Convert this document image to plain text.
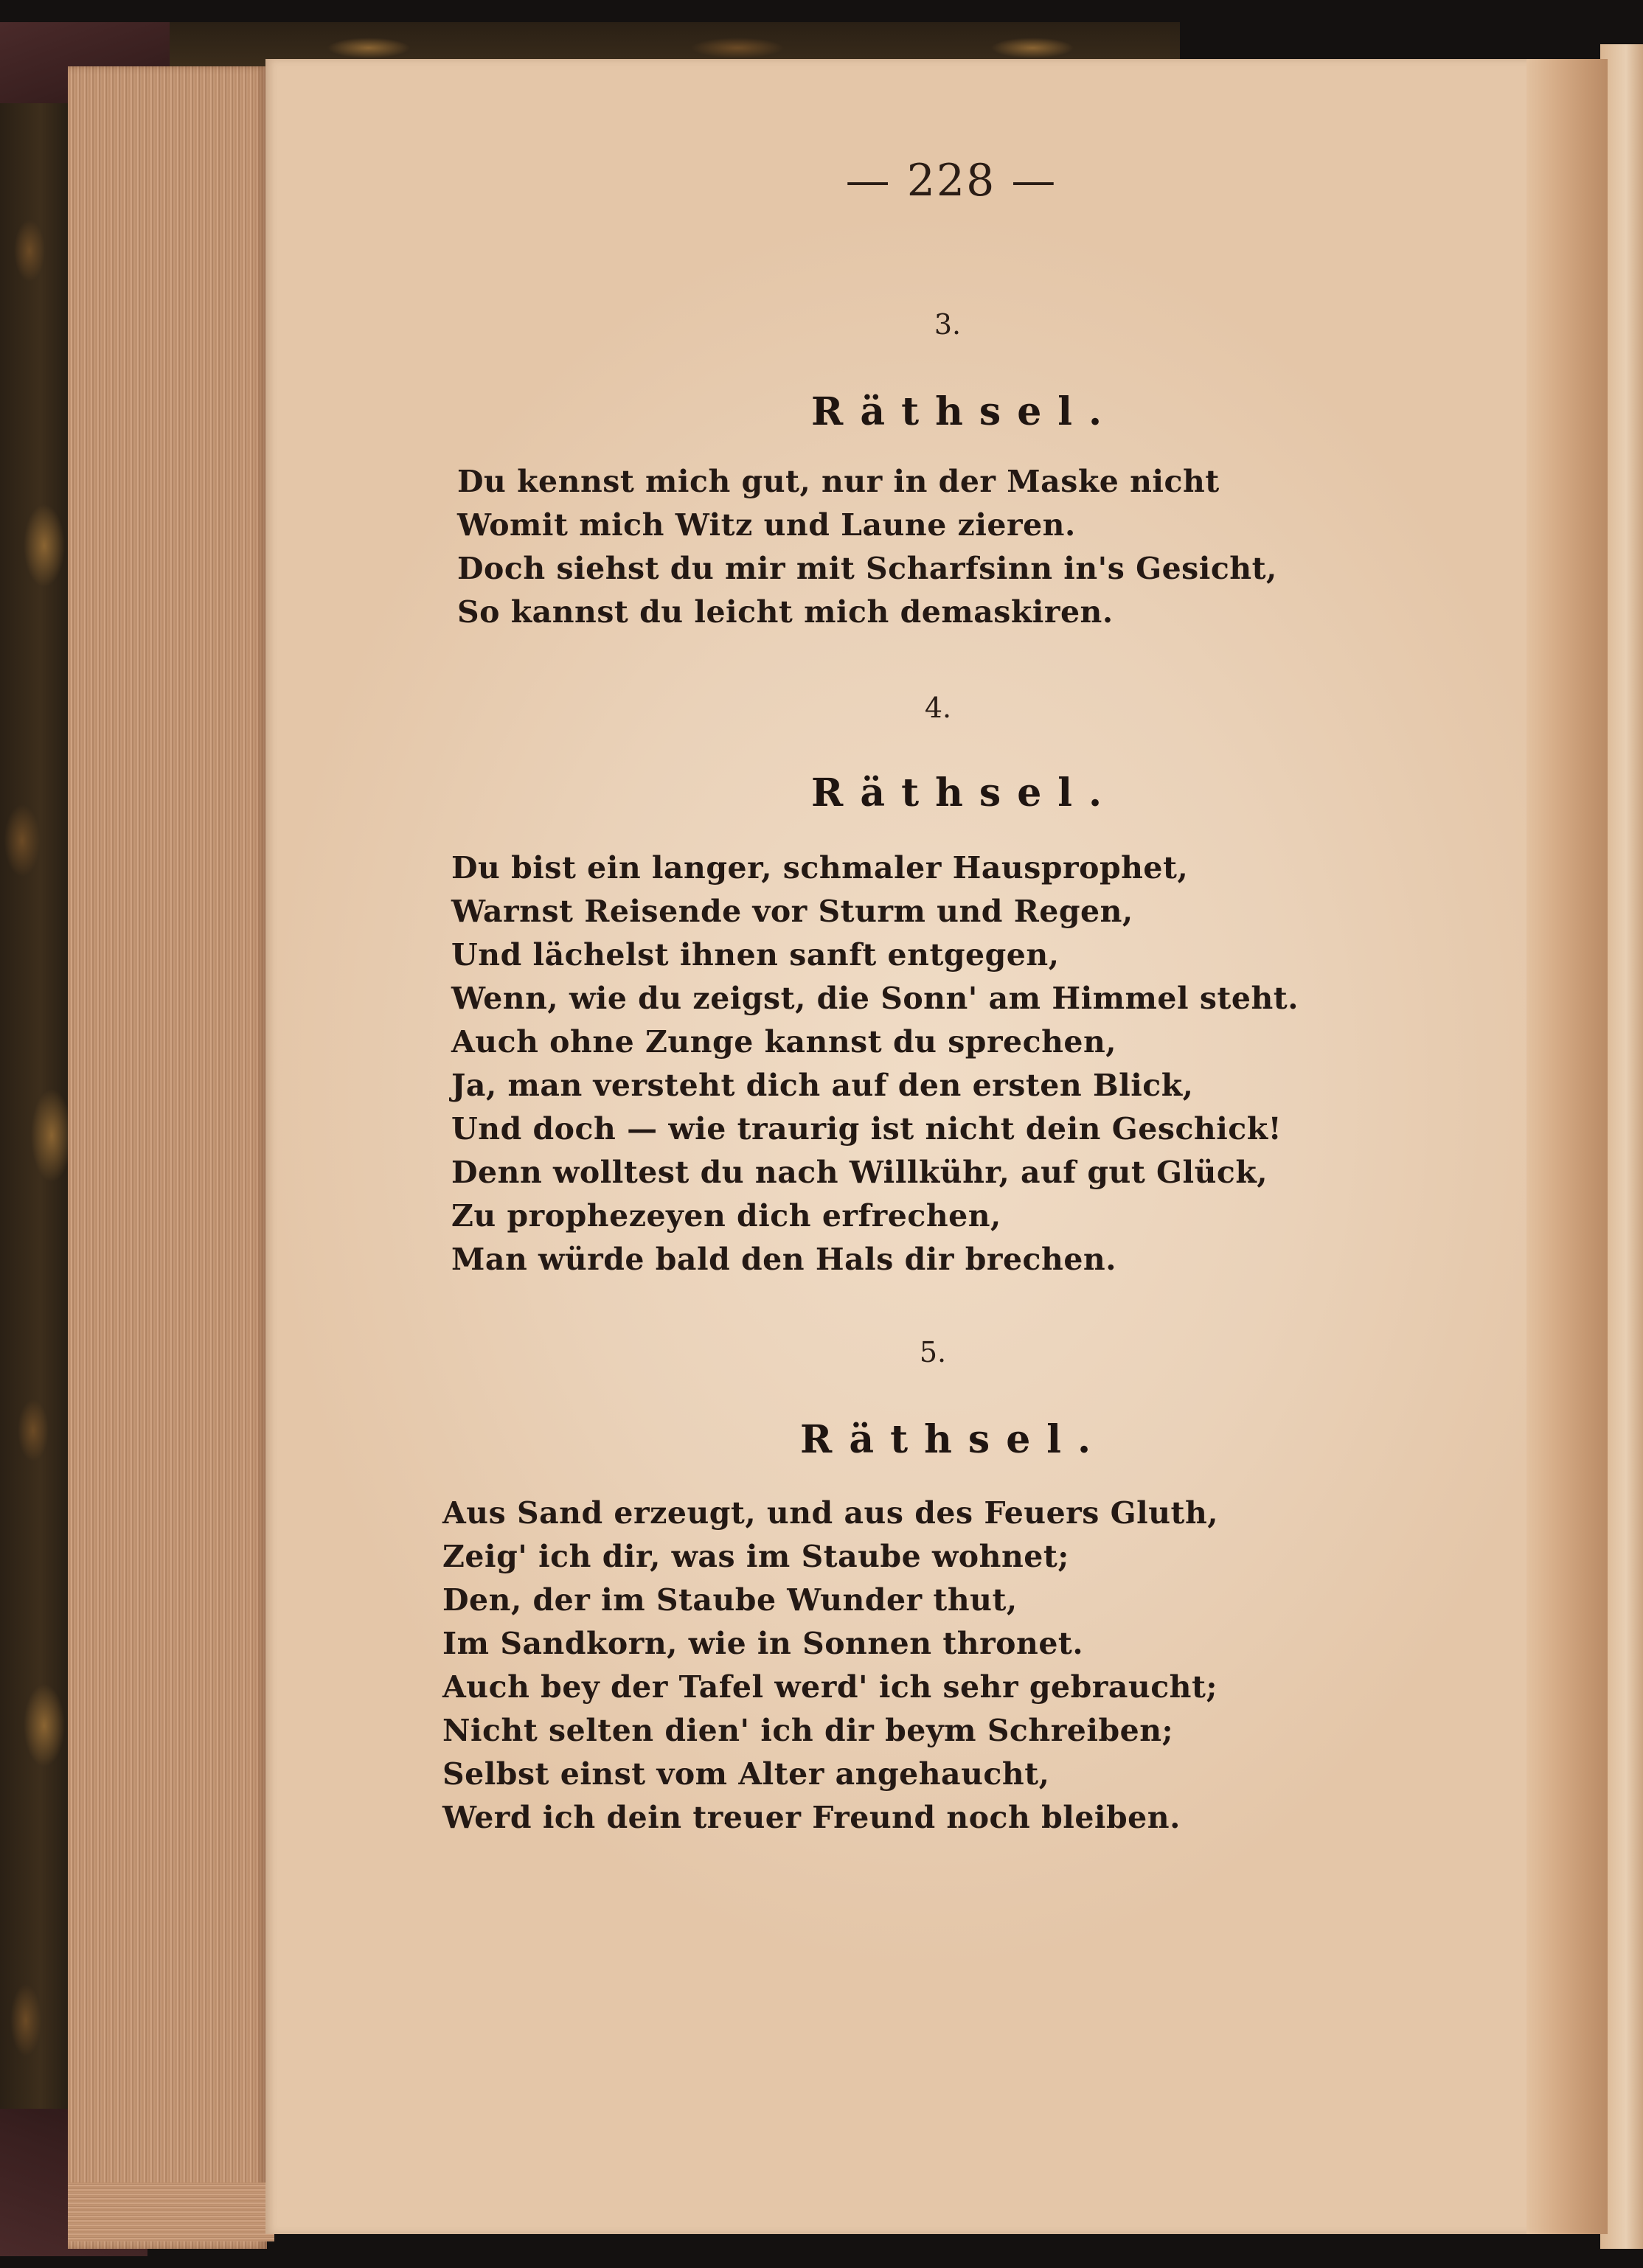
— 228 —
3.
Räthsel.
Du kennst mich gut, nur in der Maske nicht
Womit mich Witz und Laune zieren.
Doch siehst du mir mit Scharfsinn in's Gesicht,
So kannst du leicht mich demaskiren.
4.
Räthsel.
Du bist ein langer, schmaler Hausprophet,
Warnst Reisende vor Sturm und Regen,
Und lächelst ihnen sanft entgegen,
Wenn, wie du zeigst, die Sonn' am Himmel steht.
Auch ohne Zunge kannst du sprechen,
Ja, man versteht dich auf den ersten Blick,
Und doch — wie traurig ist nicht dein Geschick!
Denn wolltest du nach Willkühr, auf gut Glück,
Zu prophezeyen dich erfrechen,
Man würde bald den Hals dir brechen.
5.
Räthsel.
Aus Sand erzeugt, und aus des Feuers Gluth,
Zeig' ich dir, was im Staube wohnet;
Den, der im Staube Wunder thut,
Im Sandkorn, wie in Sonnen thronet.
Auch bey der Tafel werd' ich sehr gebraucht;
Nicht selten dien' ich dir beym Schreiben;
Selbst einst vom Alter angehaucht,
Werd ich dein treuer Freund noch bleiben.
